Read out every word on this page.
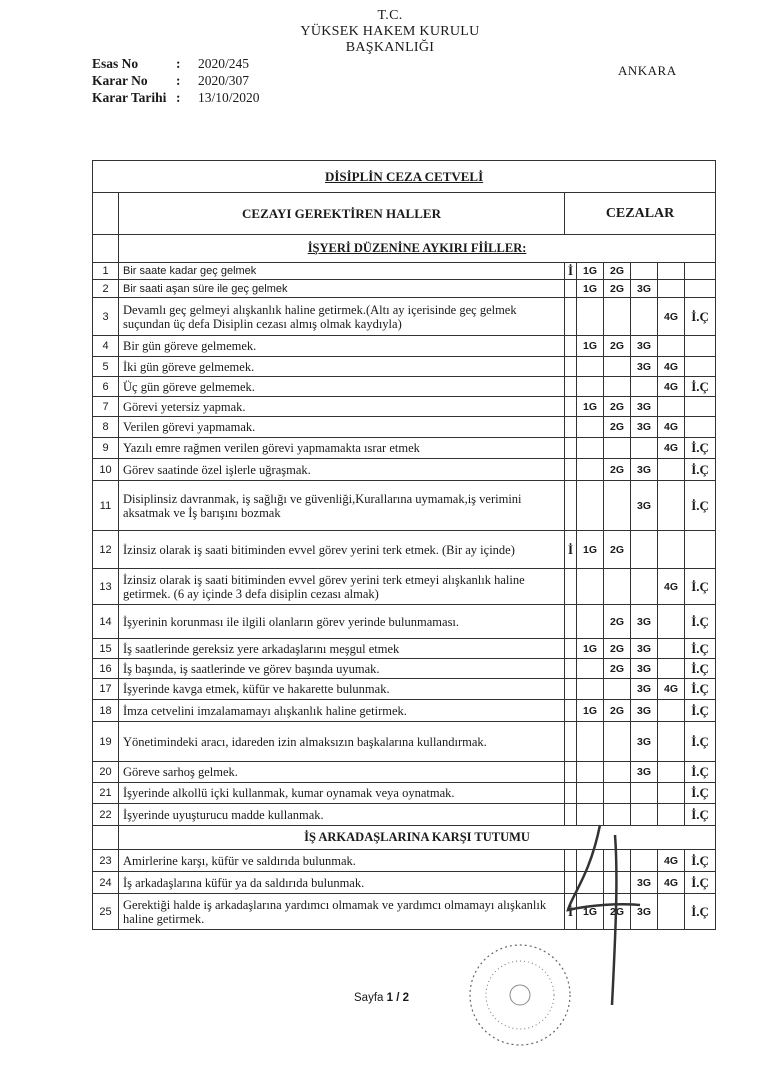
T.C.
YÜKSEK HAKEM KURULU
BAŞKANLIĞI
Esas No	:	2020/245
Karar No	:	2020/307
Karar Tarihi :	13/10/2020
ANKARA
DİSİPLİN CEZA CETVELİ							
	CEZAYI GEREKTİREN HALLER	CEZALAR					
	İŞYERİ DÜZENİNE AYKIRI FİİLLER:						
1	Bir saate kadar geç gelmek	İ	1G	2G			
2	Bir saati aşan süre ile geç gelmek		1G	2G	3G		
3	Devamlı geç gelmeyi alışkanlık haline getirmek.(Altı ay içerisinde geç gelmek suçundan üç defa Disiplin cezası almış olmak kaydıyla)					4G	İ.Ç
4	Bir gün göreve gelmemek.		1G	2G	3G		
5	İki gün göreve gelmemek.				3G	4G	
6	Üç gün göreve gelmemek.					4G	İ.Ç
7	Görevi yetersiz yapmak.		1G	2G	3G		
8	Verilen görevi yapmamak.			2G	3G	4G	
9	Yazılı emre rağmen verilen görevi yapmamakta ısrar etmek					4G	İ.Ç
10	Görev saatinde özel işlerle uğraşmak.			2G	3G		İ.Ç
11	Disiplinsiz davranmak, iş sağlığı ve güvenliği,Kurallarına uymamak,iş verimini aksatmak ve İş barışını bozmak				3G		İ.Ç
12	İzinsiz olarak iş saati bitiminden evvel görev yerini terk etmek. (Bir ay içinde)	İ	1G	2G			
13	İzinsiz olarak iş saati bitiminden evvel görev yerini terk etmeyi alışkanlık haline getirmek. (6 ay içinde 3 defa disiplin cezası almak)					4G	İ.Ç
14	İşyerinin korunması ile ilgili olanların görev yerinde bulunmaması.			2G	3G		İ.Ç
15	İş saatlerinde gereksiz yere arkadaşlarını meşgul etmek		1G	2G	3G		İ.Ç
16	İş başında, iş saatlerinde ve görev başında uyumak.			2G	3G		İ.Ç
17	İşyerinde kavga etmek, küfür ve hakarette bulunmak.				3G	4G	İ.Ç
18	İmza cetvelini imzalamamayı alışkanlık haline getirmek.		1G	2G	3G		İ.Ç
19	Yönetimindeki aracı, idareden izin almaksızın başkalarına kullandırmak.				3G		İ.Ç
20	Göreve sarhoş gelmek.				3G		İ.Ç
21	İşyerinde alkollü içki kullanmak, kumar oynamak veya oynatmak.						İ.Ç
22	İşyerinde uyuşturucu madde kullanmak.						İ.Ç
	İŞ ARKADAŞLARINA KARŞI TUTUMU						
23	Amirlerine karşı, küfür ve saldırıda bulunmak.					4G	İ.Ç
24	İş arkadaşlarına küfür ya da saldırıda bulunmak.				3G	4G	İ.Ç
25	Gerektiği halde iş arkadaşlarına yardımcı olmamak ve yardımcı olmamayı alışkanlık haline getirmek.	İ	1G	2G	3G		İ.Ç
Sayfa 1 / 2
